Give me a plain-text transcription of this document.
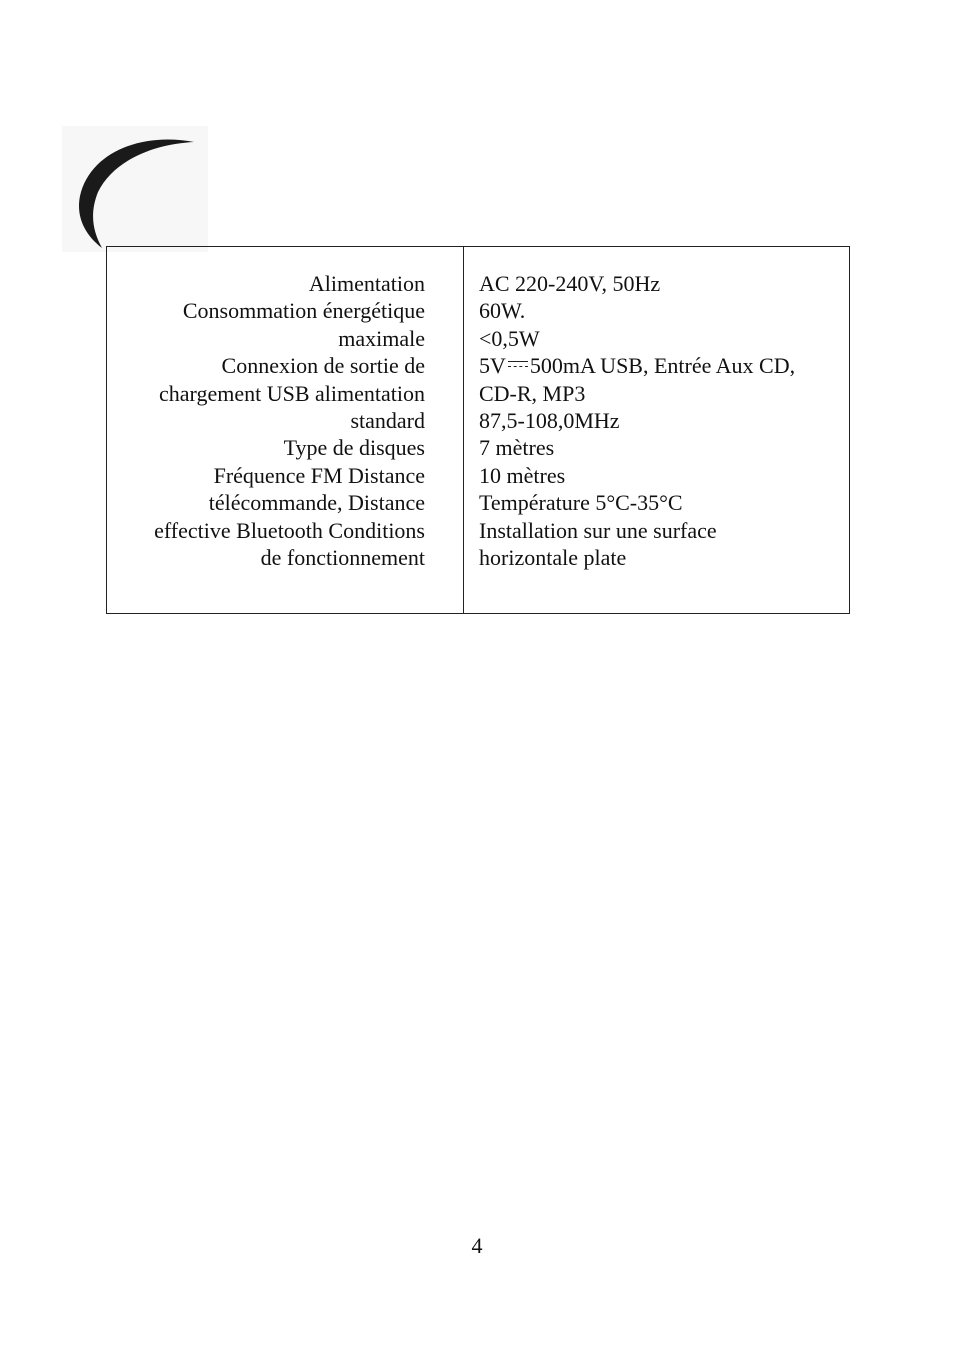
Alimentation
Consommation énergétique
maximale
Connexion de sortie de
chargement USB alimentation
standard
Type de disques
Fréquence FM Distance
télécommande, Distance
effective Bluetooth Conditions
de fonctionnement
AC 220-240V, 50Hz
60W.
<0,5W
5V 500mA USB, Entrée Aux CD,
CD-R, MP3
87,5-108,0MHz
7 mètres
10 mètres
Température 5°C-35°C
Installation sur une surface
horizontale plate
4
